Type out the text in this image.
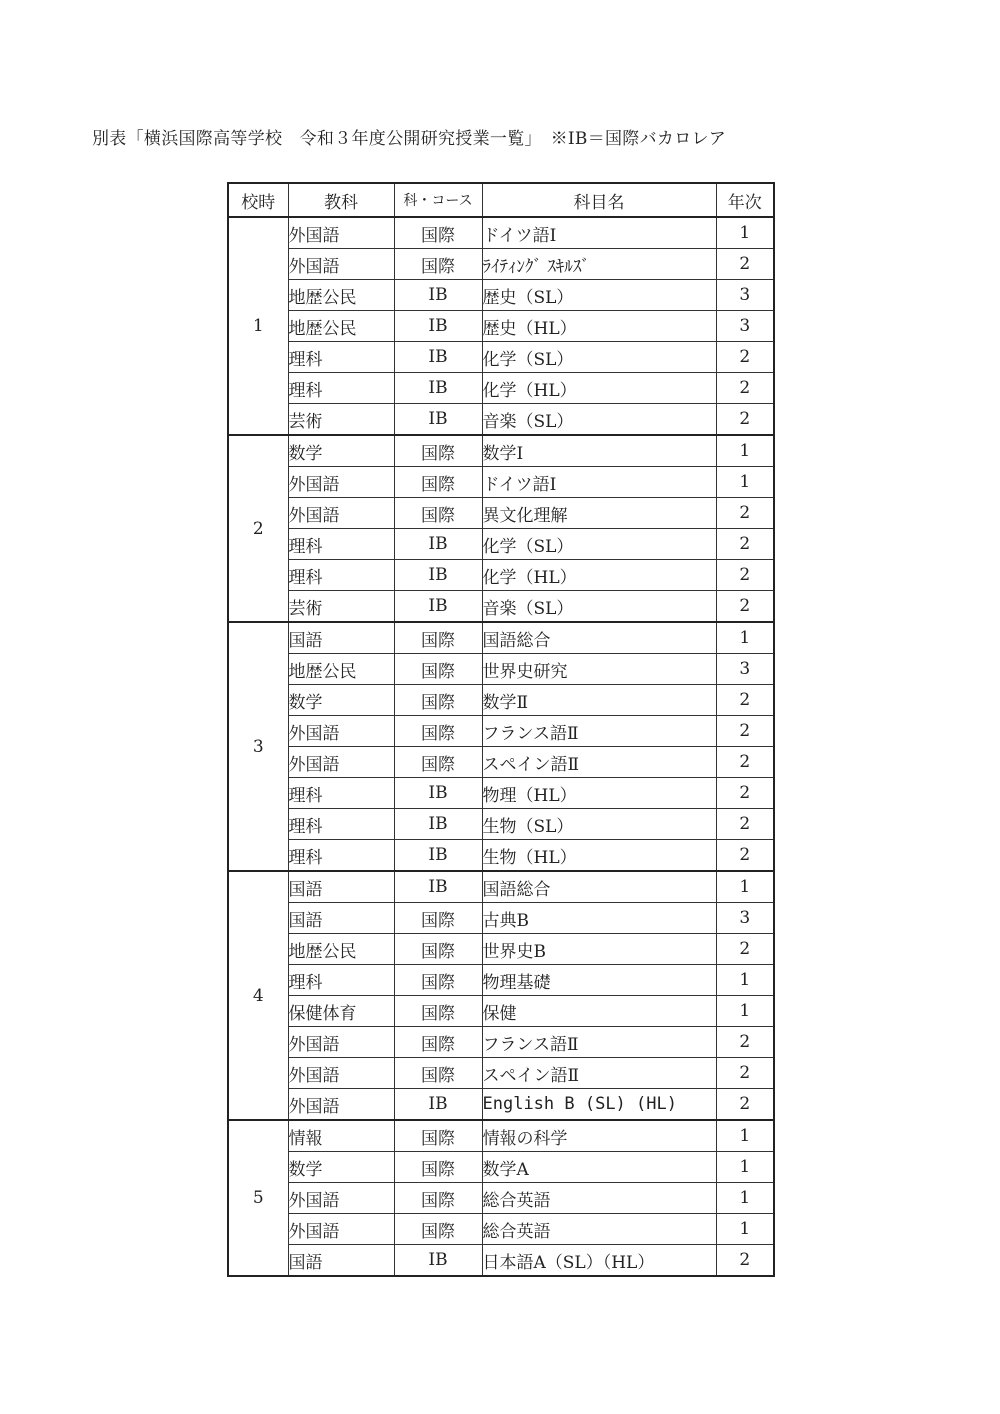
別表「横浜国際高等学校　令和３年度公開研究授業一覧」　※IB＝国際バカロレア
校時	教科	科・コース	科目名	年次
1	外国語	国際	ドイツ語Ⅰ	1
	外国語	国際	ﾗｲﾃｨﾝｸﾞ ｽｷﾙｽﾞ	2
	地歴公民	IB	歴史（SL）	3
	地歴公民	IB	歴史（HL）	3
	理科	IB	化学（SL）	2
	理科	IB	化学（HL）	2
	芸術	IB	音楽（SL）	2
2	数学	国際	数学Ⅰ	1
	外国語	国際	ドイツ語Ⅰ	1
	外国語	国際	異文化理解	2
	理科	IB	化学（SL）	2
	理科	IB	化学（HL）	2
	芸術	IB	音楽（SL）	2
3	国語	国際	国語総合	1
	地歴公民	国際	世界史研究	3
	数学	国際	数学Ⅱ	2
	外国語	国際	フランス語Ⅱ	2
	外国語	国際	スペイン語Ⅱ	2
	理科	IB	物理（HL）	2
	理科	IB	生物（SL）	2
	理科	IB	生物（HL）	2
4	国語	IB	国語総合	1
	国語	国際	古典B	3
	地歴公民	国際	世界史B	2
	理科	国際	物理基礎	1
	保健体育	国際	保健	1
	外国語	国際	フランス語Ⅱ	2
	外国語	国際	スペイン語Ⅱ	2
	外国語	IB	English B (SL) (HL)	2
5	情報	国際	情報の科学	1
	数学	国際	数学A	1
	外国語	国際	総合英語	1
	外国語	国際	総合英語	1
	国語	IB	日本語A（SL）（HL）	2
